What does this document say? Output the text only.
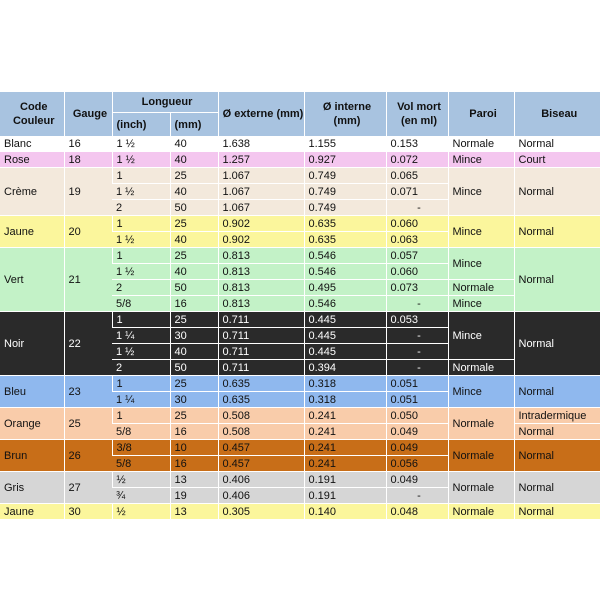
Code Couleur	Gauge	Longueur		Ø externe (mm)	Ø interne (mm)	Vol mort (en ml)	Paroi	Biseau
		(inch)	(mm)					
Blanc	16	1 ½	40	1.638	1.155	0.153	Normale	Normal
Rose	18	1 ½	40	1.257	0.927	0.072	Mince	Court
Crème	19	1	25	1.067	0.749	0.065	Mince	Normal
		1 ½	40	1.067	0.749	0.071		
		2	50	1.067	0.749	-		
Jaune	20	1	25	0.902	0.635	0.060	Mince	Normal
		1 ½	40	0.902	0.635	0.063		
Vert	21	1	25	0.813	0.546	0.057	Mince	Normal
		1 ½	40	0.813	0.546	0.060		
		2	50	0.813	0.495	0.073	Normale	
		5/8	16	0.813	0.546	-	Mince	
Noir	22	1	25	0.711	0.445	0.053	Mince	Normal
		1 ¼	30	0.711	0.445	-		
		1 ½	40	0.711	0.445	-		
		2	50	0.711	0.394	-	Normale	
Bleu	23	1	25	0.635	0.318	0.051	Mince	Normal
		1 ¼	30	0.635	0.318	0.051		
Orange	25	1	25	0.508	0.241	0.050	Normale	Intradermique
		5/8	16	0.508	0.241	0.049		Normal
Brun	26	3/8	10	0.457	0.241	0.049	Normale	Normal
		5/8	16	0.457	0.241	0.056		
Gris	27	½	13	0.406	0.191	0.049	Normale	Normal
		¾	19	0.406	0.191	-		
Jaune	30	½	13	0.305	0.140	0.048	Normale	Normal
